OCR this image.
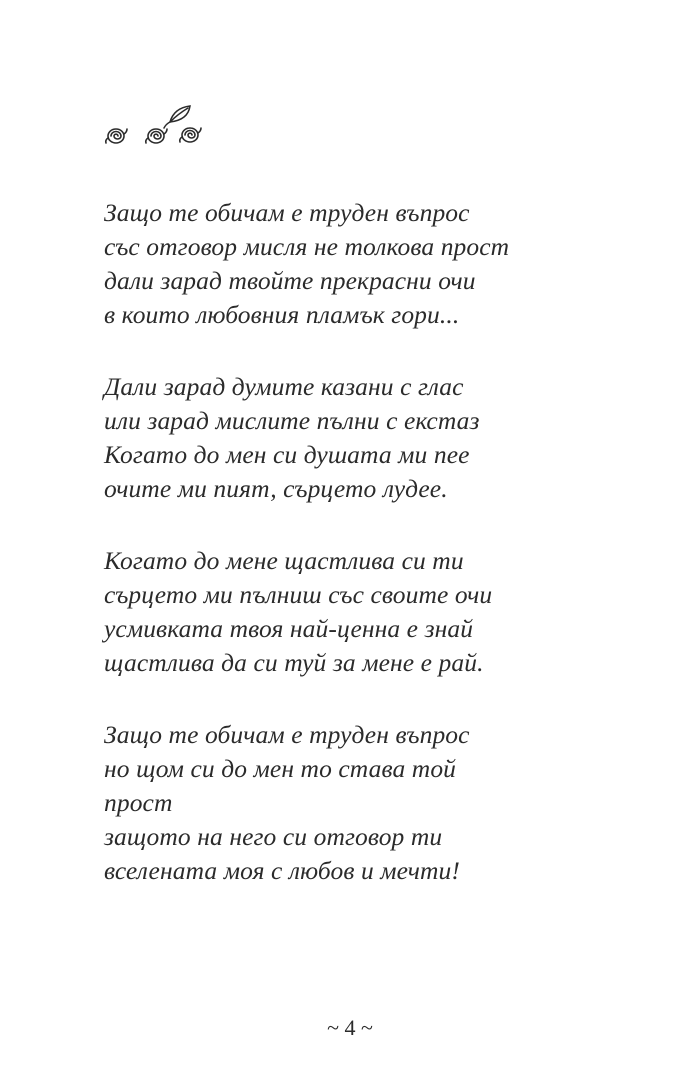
Защо те обичам е труден въпрос
със отговор мисля не толкова прост
дали зарад твойте прекрасни очи
в които любовния пламък гори...
Дали зарад думите казани с глас
или зарад мислите пълни с екстаз
Когато до мен си душата ми пее
очите ми пият, сърцето лудее.
Когато до мене щастлива си ти
сърцето ми пълниш със своите очи
усмивката твоя най-ценна е знай
щастлива да си туй за мене е рай.
Защо те обичам е труден въпрос
но щом си до мен то става той
прост
защото на него си отговор ти
вселената моя с любов и мечти!
~ 4 ~
